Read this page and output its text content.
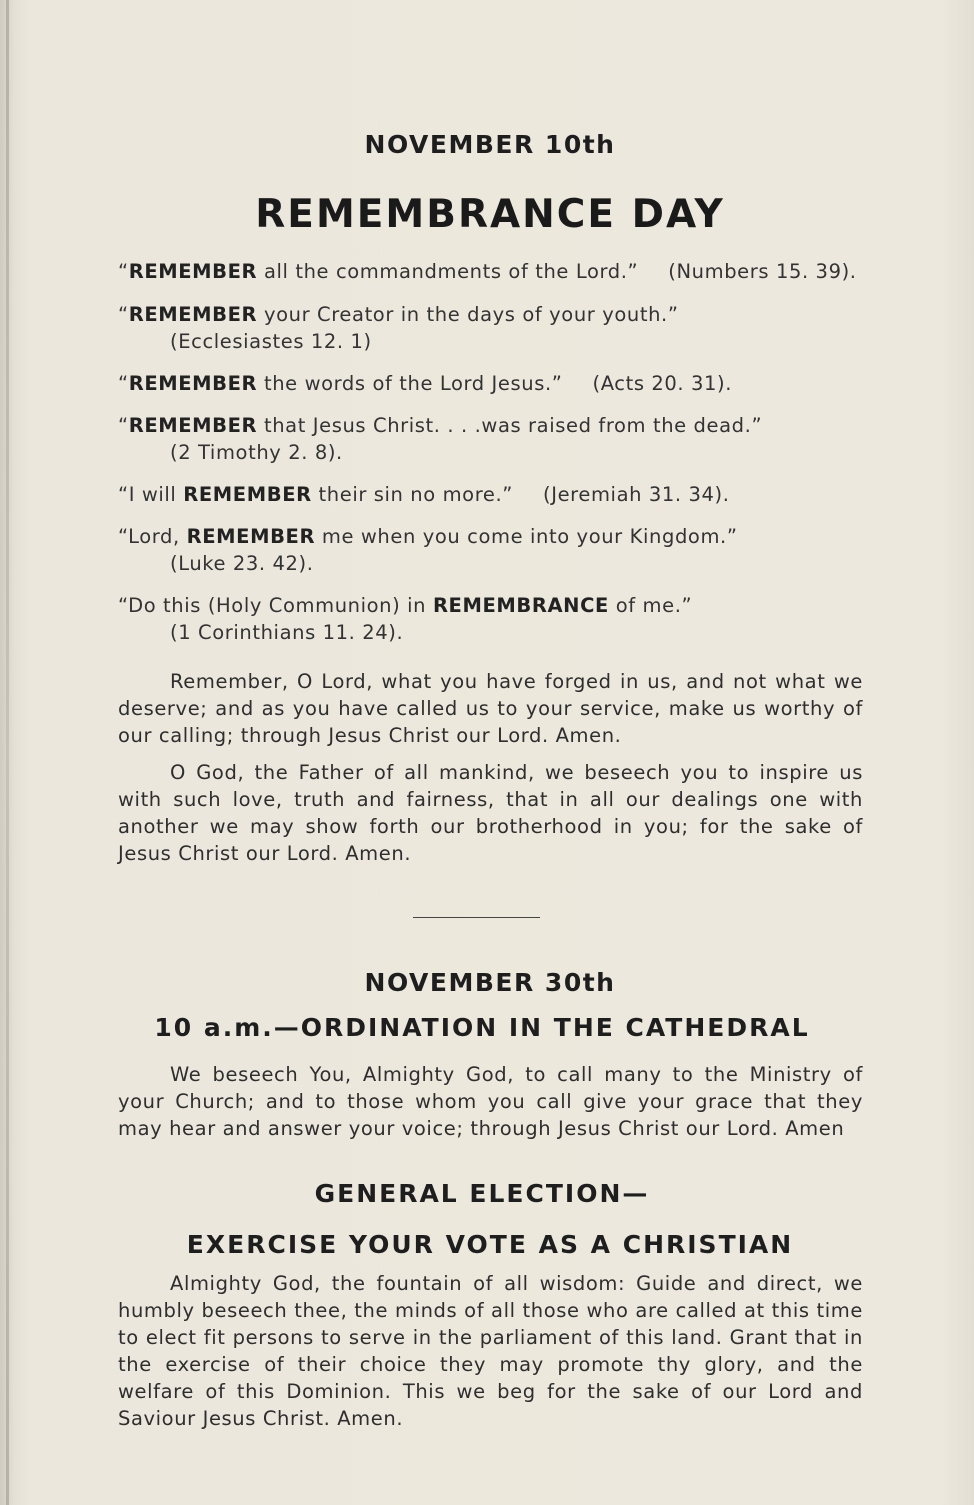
NOVEMBER 10th
REMEMBRANCE DAY
“REMEMBER all the commandments of the Lord.” (Numbers 15. 39).
“REMEMBER your Creator in the days of your youth.”
(Ecclesiastes 12. 1)
“REMEMBER the words of the Lord Jesus.” (Acts 20. 31).
“REMEMBER that Jesus Christ. . . .was raised from the dead.”
(2 Timothy 2. 8).
“I will REMEMBER their sin no more.” (Jeremiah 31. 34).
“Lord, REMEMBER me when you come into your Kingdom.”
(Luke 23. 42).
“Do this (Holy Communion) in REMEMBRANCE of me.”
(1 Corinthians 11. 24).
Remember, O Lord, what you have forged in us, and not what we deserve; and as you have called us to your service, make us worthy of our calling; through Jesus Christ our Lord. Amen.
O God, the Father of all mankind, we beseech you to inspire us with such love, truth and fairness, that in all our dealings one with another we may show forth our brotherhood in you; for the sake of Jesus Christ our Lord. Amen.
NOVEMBER 30th
10 a.m.—ORDINATION IN THE CATHEDRAL
We beseech You, Almighty God, to call many to the Ministry of your Church; and to those whom you call give your grace that they may hear and answer your voice; through Jesus Christ our Lord. Amen
GENERAL ELECTION—
EXERCISE YOUR VOTE AS A CHRISTIAN
Almighty God, the fountain of all wisdom: Guide and direct, we humbly beseech thee, the minds of all those who are called at this time to elect fit persons to serve in the parliament of this land. Grant that in the exercise of their choice they may promote thy glory, and the welfare of this Dominion. This we beg for the sake of our Lord and Saviour Jesus Christ. Amen.
